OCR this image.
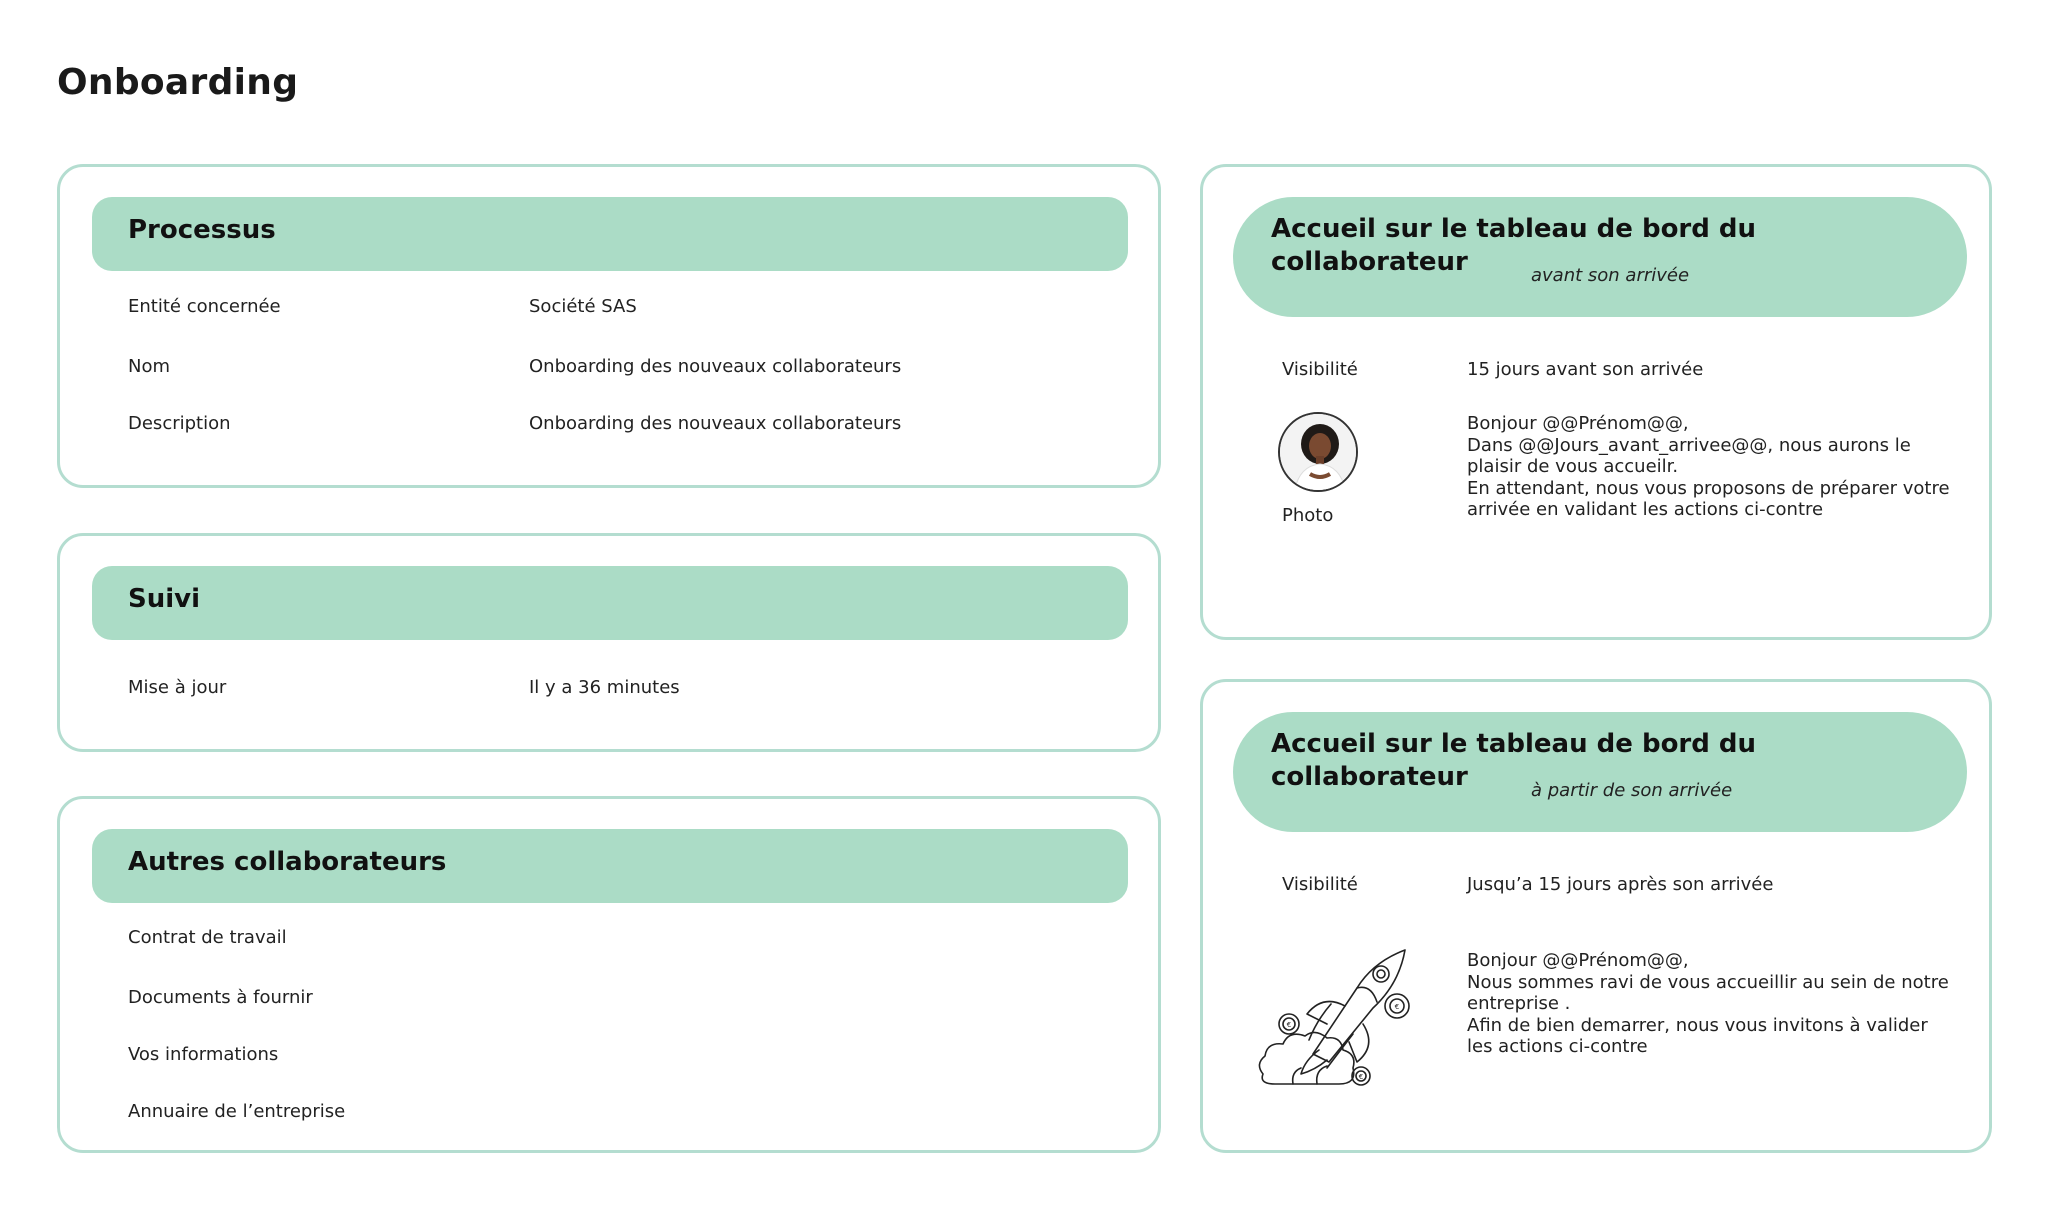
Onboarding
Processus
Entité concernée	Société SAS
Nom	Onboarding des nouveaux collaborateurs
Description	Onboarding des nouveaux collaborateurs
Suivi
Mise à jour	Il y a 36 minutes
Autres collaborateurs
Contrat de travail
Documents à fournir
Vos informations
Annuaire de l’entreprise
Accueil sur le tableau de bord du collaborateur	avant son arrivée
Visibilité	15 jours avant son arrivée
Photo
Bonjour @@Prénom@@,
Dans @@Jours_avant_arrivee@@, nous aurons le plaisir de vous accueilr.
En attendant, nous vous proposons de préparer votre arrivée en validant les actions ci-contre
Accueil sur le tableau de bord du collaborateur	à partir de son arrivée
Visibilité	Jusqu’a 15 jours après son arrivée
€
€
€
Bonjour @@Prénom@@,
Nous sommes ravi de vous accueillir au sein de notre entreprise .
Afin de bien demarrer, nous vous invitons à valider les actions ci-contre
